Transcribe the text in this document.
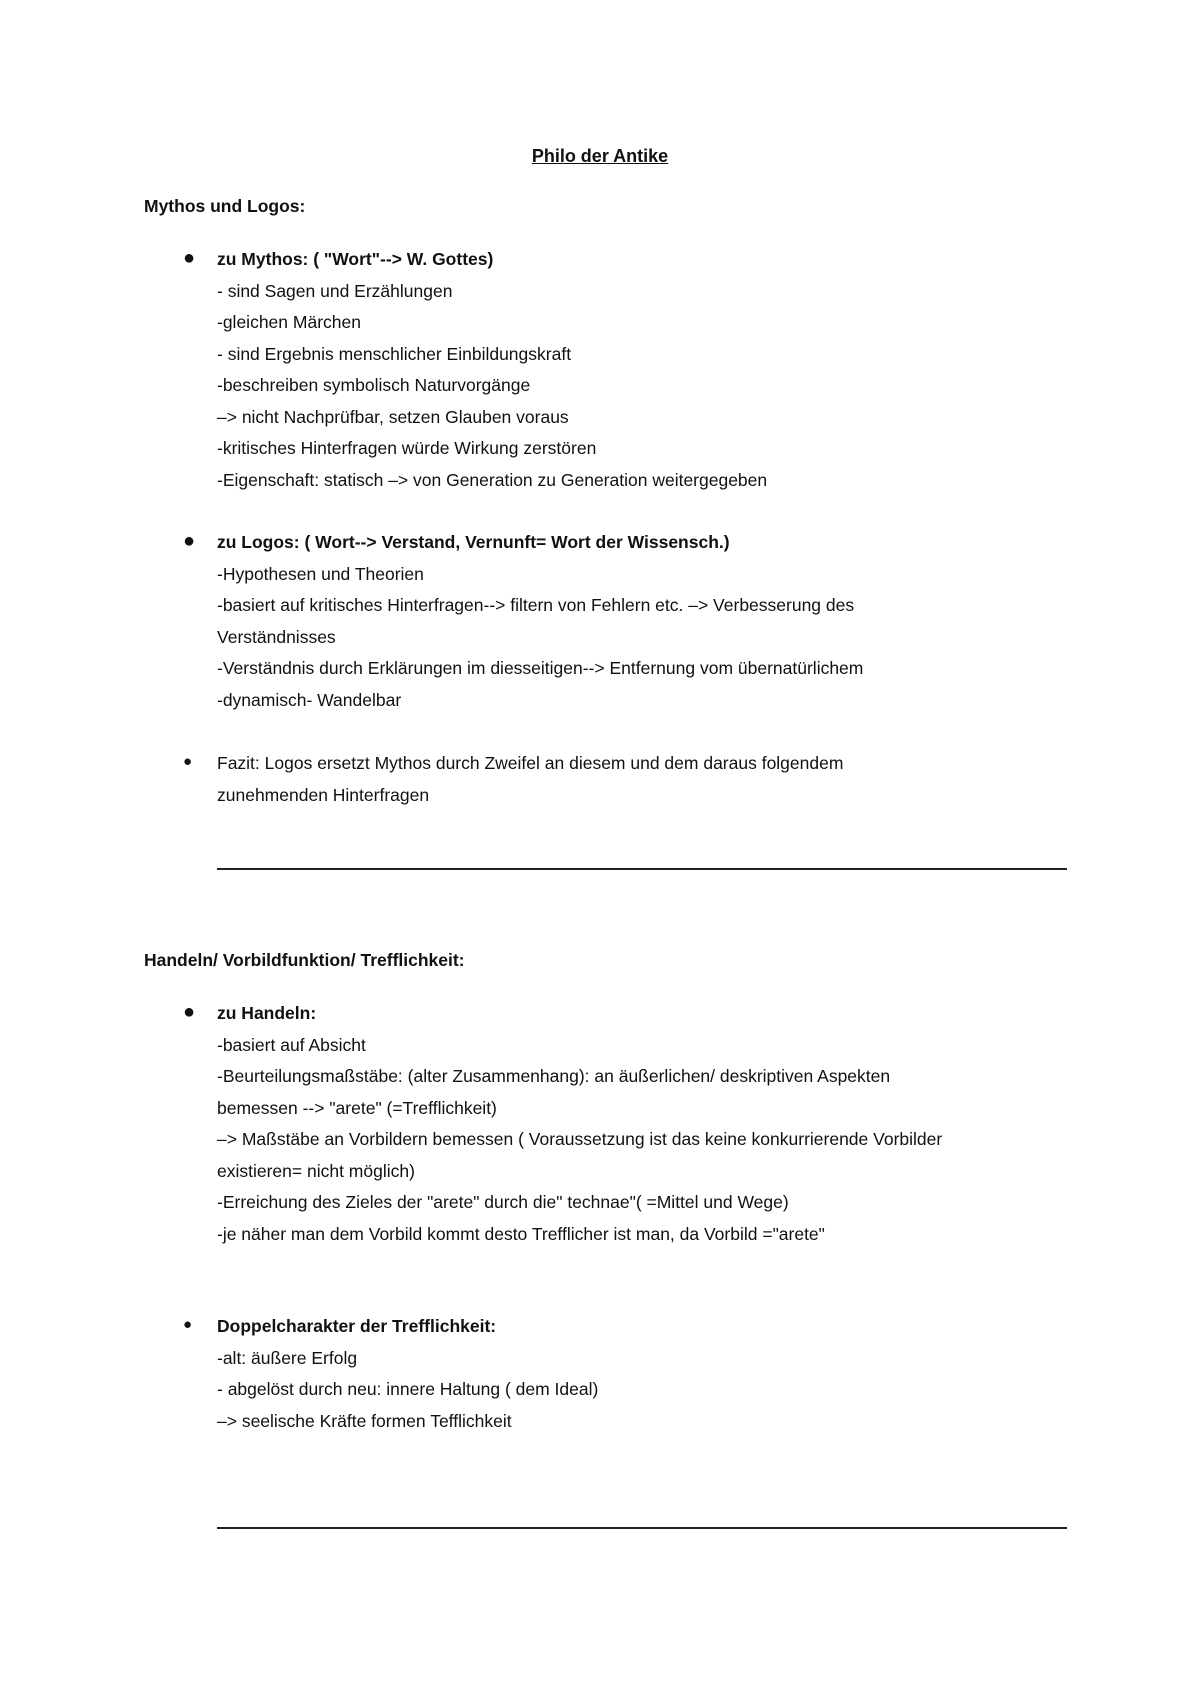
Philo der Antike
Mythos und Logos:
● zu Mythos: ( "Wort"--> W. Gottes)
- sind Sagen und Erzählungen
-gleichen Märchen
- sind Ergebnis menschlicher Einbildungskraft
-beschreiben symbolisch Naturvorgänge
–> nicht Nachprüfbar, setzen Glauben voraus
-kritisches Hinterfragen würde Wirkung zerstören
-Eigenschaft: statisch –> von Generation zu Generation weitergegeben
● zu Logos: ( Wort--> Verstand, Vernunft= Wort der Wissensch.)
-Hypothesen und Theorien
-basiert auf kritisches Hinterfragen--> filtern von Fehlern etc. –> Verbesserung des
Verständnisses
-Verständnis durch Erklärungen im diesseitigen--> Entfernung vom übernatürlichem
-dynamisch- Wandelbar
● Fazit: Logos ersetzt Mythos durch Zweifel an diesem und dem daraus folgendem
zunehmenden Hinterfragen
Handeln/ Vorbildfunktion/ Trefflichkeit:
● zu Handeln:
-basiert auf Absicht
-Beurteilungsmaßstäbe: (alter Zusammenhang): an äußerlichen/ deskriptiven Aspekten
bemessen --> "arete" (=Trefflichkeit)
–> Maßstäbe an Vorbildern bemessen ( Voraussetzung ist das keine konkurrierende Vorbilder
existieren= nicht möglich)
-Erreichung des Zieles der "arete" durch die" technae"( =Mittel und Wege)
-je näher man dem Vorbild kommt desto Trefflicher ist man, da Vorbild ="arete"
● Doppelcharakter der Trefflichkeit:
-alt: äußere Erfolg
- abgelöst durch neu: innere Haltung ( dem Ideal)
–> seelische Kräfte formen Tefflichkeit
